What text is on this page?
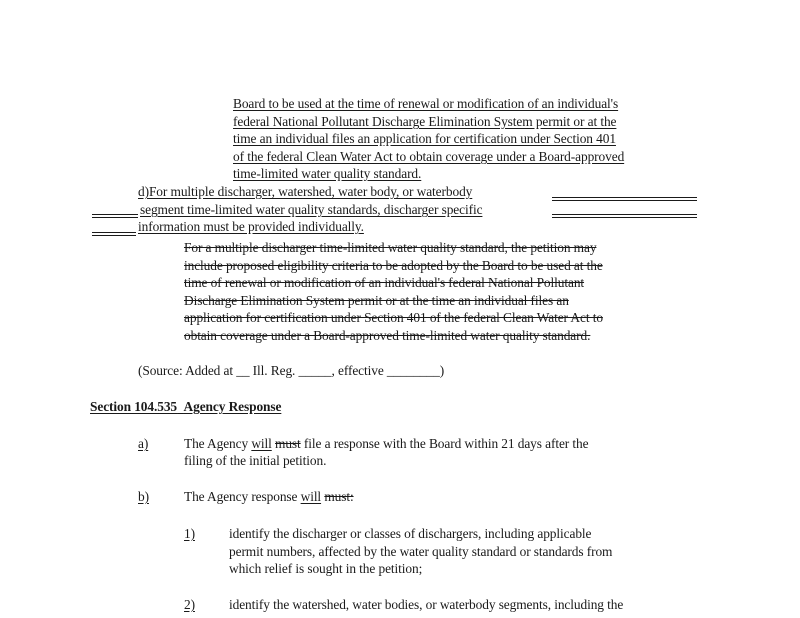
Board to be used at the time of renewal or modification of an individual's
federal National Pollutant Discharge Elimination System permit or at the
time an individual files an application for certification under Section 401
of the federal Clean Water Act to obtain coverage under a Board-approved
time-limited water quality standard.
d)For multiple discharger, watershed, water body, or waterbody
segment time-limited water quality standards, discharger specific
information must be provided individually.
For a multiple discharger time-limited water quality standard, the petition may
include proposed eligibility criteria to be adopted by the Board to be used at the
time of renewal or modification of an individual's federal National Pollutant
Discharge Elimination System permit or at the time an individual files an
application for certification under Section 401 of the federal Clean Water Act to
obtain coverage under a Board-approved time-limited water quality standard.
(Source: Added at __ Ill. Reg. _____, effective ________)
Section 104.535 Agency Response
a)	The Agency will must file a response with the Board within 21 days after the
filing of the initial petition.
b)	The Agency response will must:
1)	identify the discharger or classes of dischargers, including applicable
permit numbers, affected by the water quality standard or standards from
which relief is sought in the petition;
2)	identify the watershed, water bodies, or waterbody segments, including the
